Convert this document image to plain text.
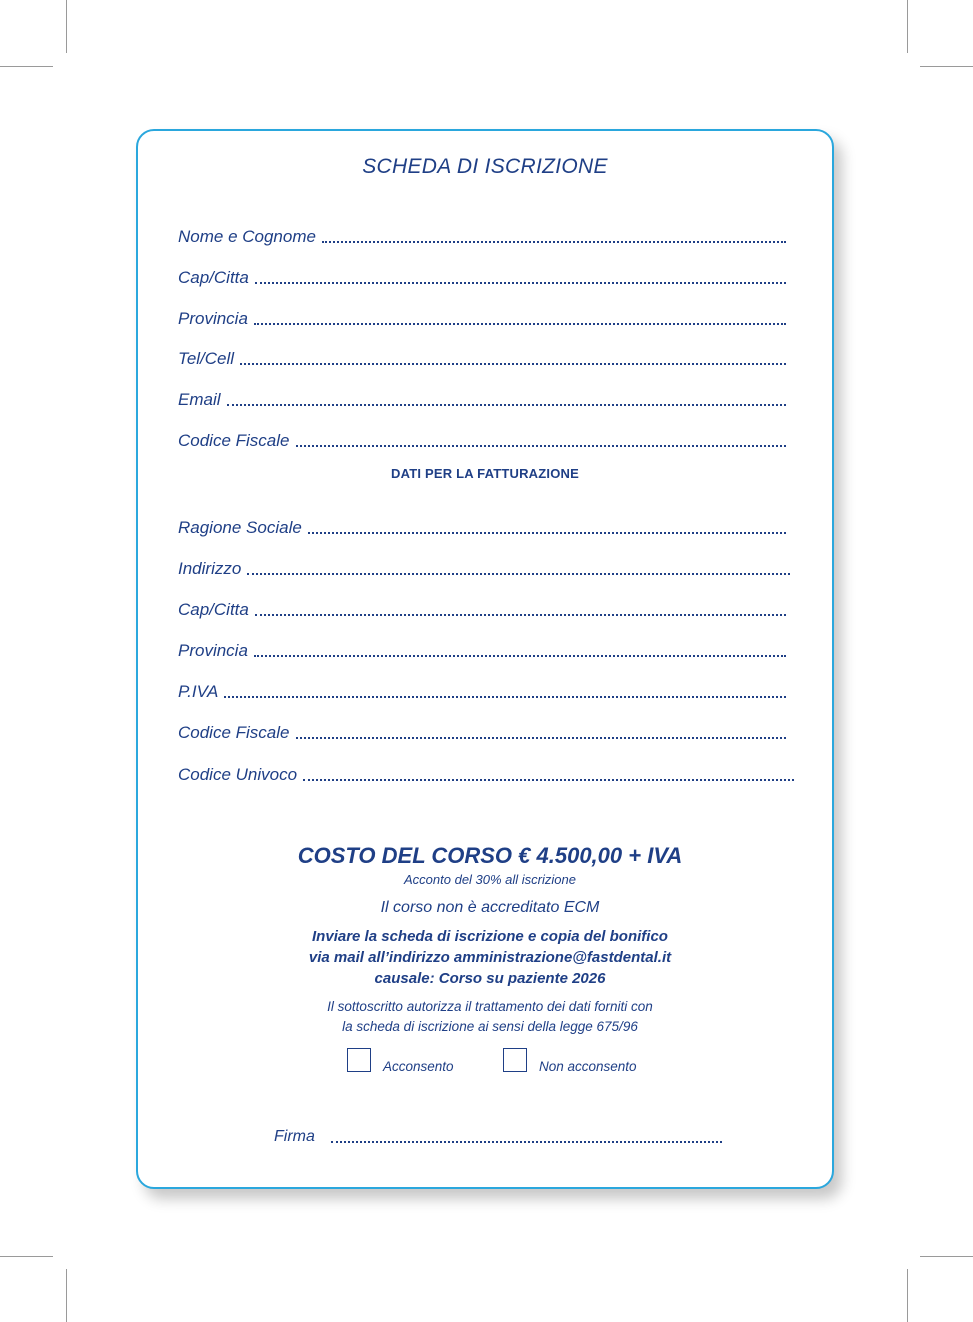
SCHEDA DI ISCRIZIONE
Nome e Cognome
Cap/Citta
Provincia
Tel/Cell
Email
Codice Fiscale
DATI PER LA FATTURAZIONE
Ragione Sociale
Indirizzo
Cap/Citta
Provincia
P.IVA
Codice Fiscale
Codice Univoco
COSTO DEL CORSO € 4.500,00 + IVA
Acconto del 30% all iscrizione
Il corso non è accreditato ECM
Inviare la scheda di iscrizione e copia del bonifico
via mail all’indirizzo amministrazione@fastdental.it
causale: Corso su paziente 2026
Il sottoscritto autorizza il trattamento dei dati forniti con
la scheda di iscrizione ai sensi della legge 675/96
Acconsento	Non acconsento
Firma
